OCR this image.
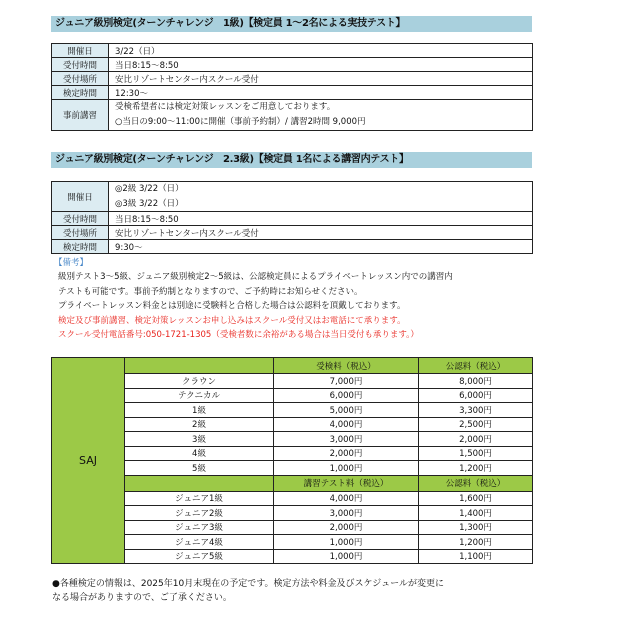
ジュニア級別検定(ターンチャレンジ　1級)【検定員 1～2名による実技テスト】
開催日	3/22（日）
受付時間	当日8:15～8:50
受付場所	安比リゾートセンター内スクール受付
検定時間	12:30～
事前講習	受検希望者には検定対策レッスンをご用意しております。
○当日の9:00～11:00に開催（事前予約制）/ 講習2時間 9,000円
ジュニア級別検定(ターンチャレンジ　2.3級)【検定員 1名による講習内テスト】
開催日	◎2級 3/22（日）
◎3級 3/22（日）

受付時間	当日8:15～8:50
受付場所	安比リゾートセンター内スクール受付
検定時間	9:30～
【備考】
級別テスト3～5級、ジュニア級別検定2～5級は、公認検定員によるプライベートレッスン内での講習内
テストも可能です。事前予約制となりますので、ご予約時にお知らせください。
プライベートレッスン料金とは別途に受験料と合格した場合は公認料を頂戴しております。
検定及び事前講習、検定対策レッスンお申し込みはスクール受付又はお電話にて承ります。
スクール受付電話番号:050-1721-1305（受検者数に余裕がある場合は当日受付も承ります。）
SAJ		受検料（税込）	公認料（税込）
	クラウン	7,000円	8,000円
	テクニカル	6,000円	6,000円
	1級	5,000円	3,300円
	2級	4,000円	2,500円
	3級	3,000円	2,000円
	4級	2,000円	1,500円
	5級	1,000円	1,200円
		講習テスト料（税込）	公認料（税込）
	ジュニア1級	4,000円	1,600円
	ジュニア2級	3,000円	1,400円
	ジュニア3級	2,000円	1,300円
	ジュニア4級	1,000円	1,200円
	ジュニア5級	1,000円	1,100円
●各種検定の情報は、2025年10月末現在の予定です。検定方法や料金及びスケジュールが変更に
なる場合がありますので、ご了承ください。
